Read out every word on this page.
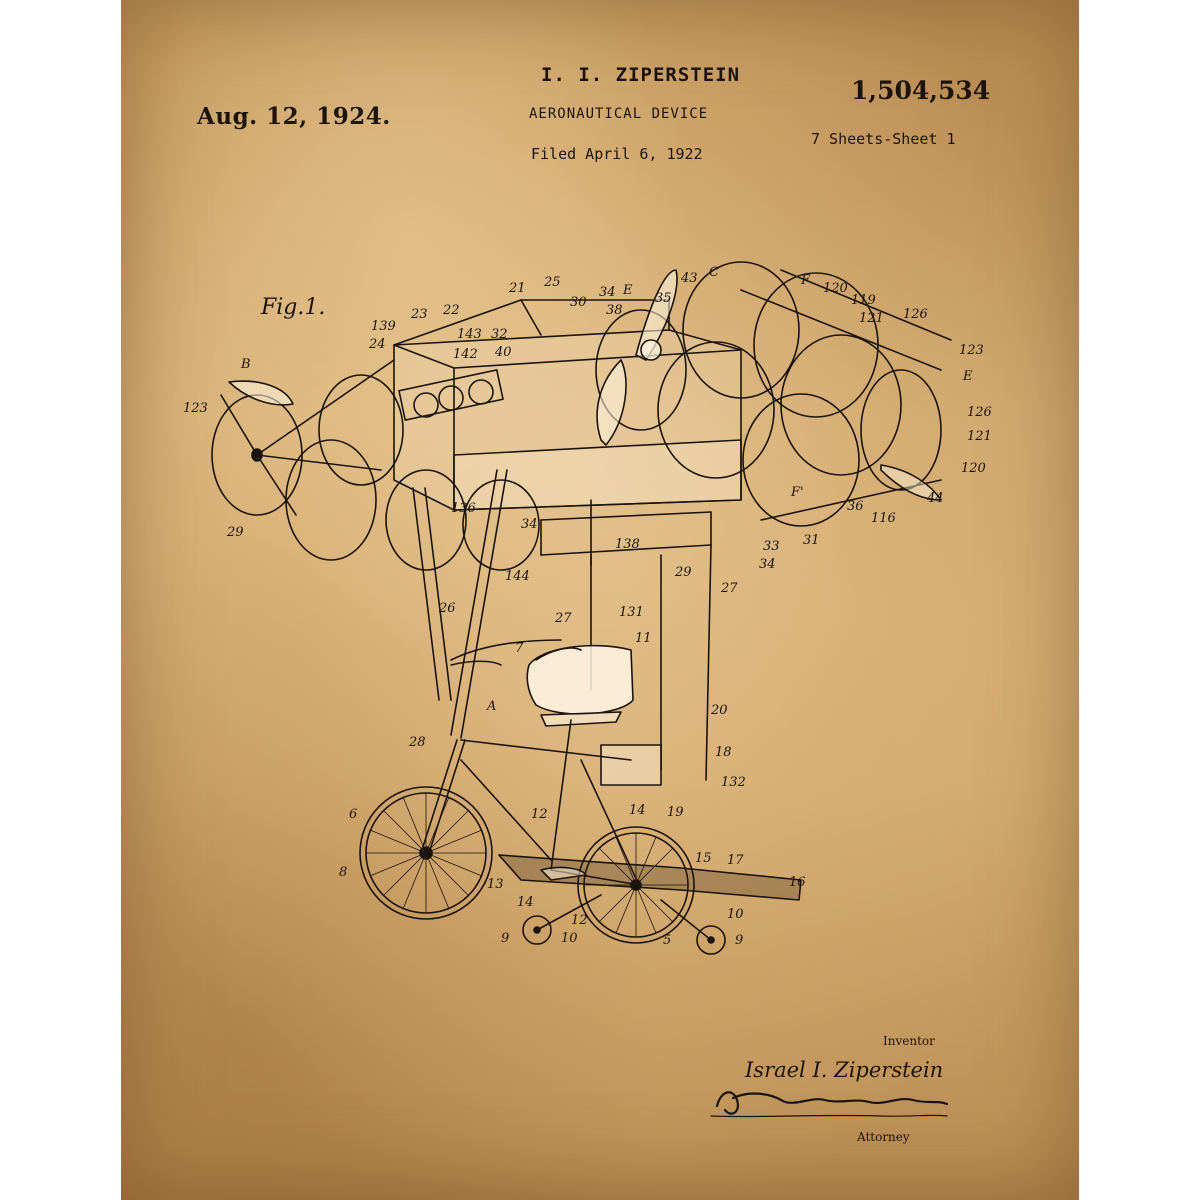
Aug. 12, 1924.
I. I. ZIPERSTEIN
AERONAUTICAL DEVICE
Filed April 6, 1922
1,504,534
7 Sheets-Sheet 1
B
123
24
139
23 22
143
142
32
40
21 25
30
34 E
38
35
43 C
F
120
119
121 126
123
E
126
121
120
44
116
36
F'
31
33
34
29
136
34
138
144	29
27
26
27	131
7
11
A	20
28
18
132
6	14 19
12
8
13
15 17
16
14
12	10
9	10	5	9
Fig.1.
Inventor
Israel I. Ziperstein
Attorney
